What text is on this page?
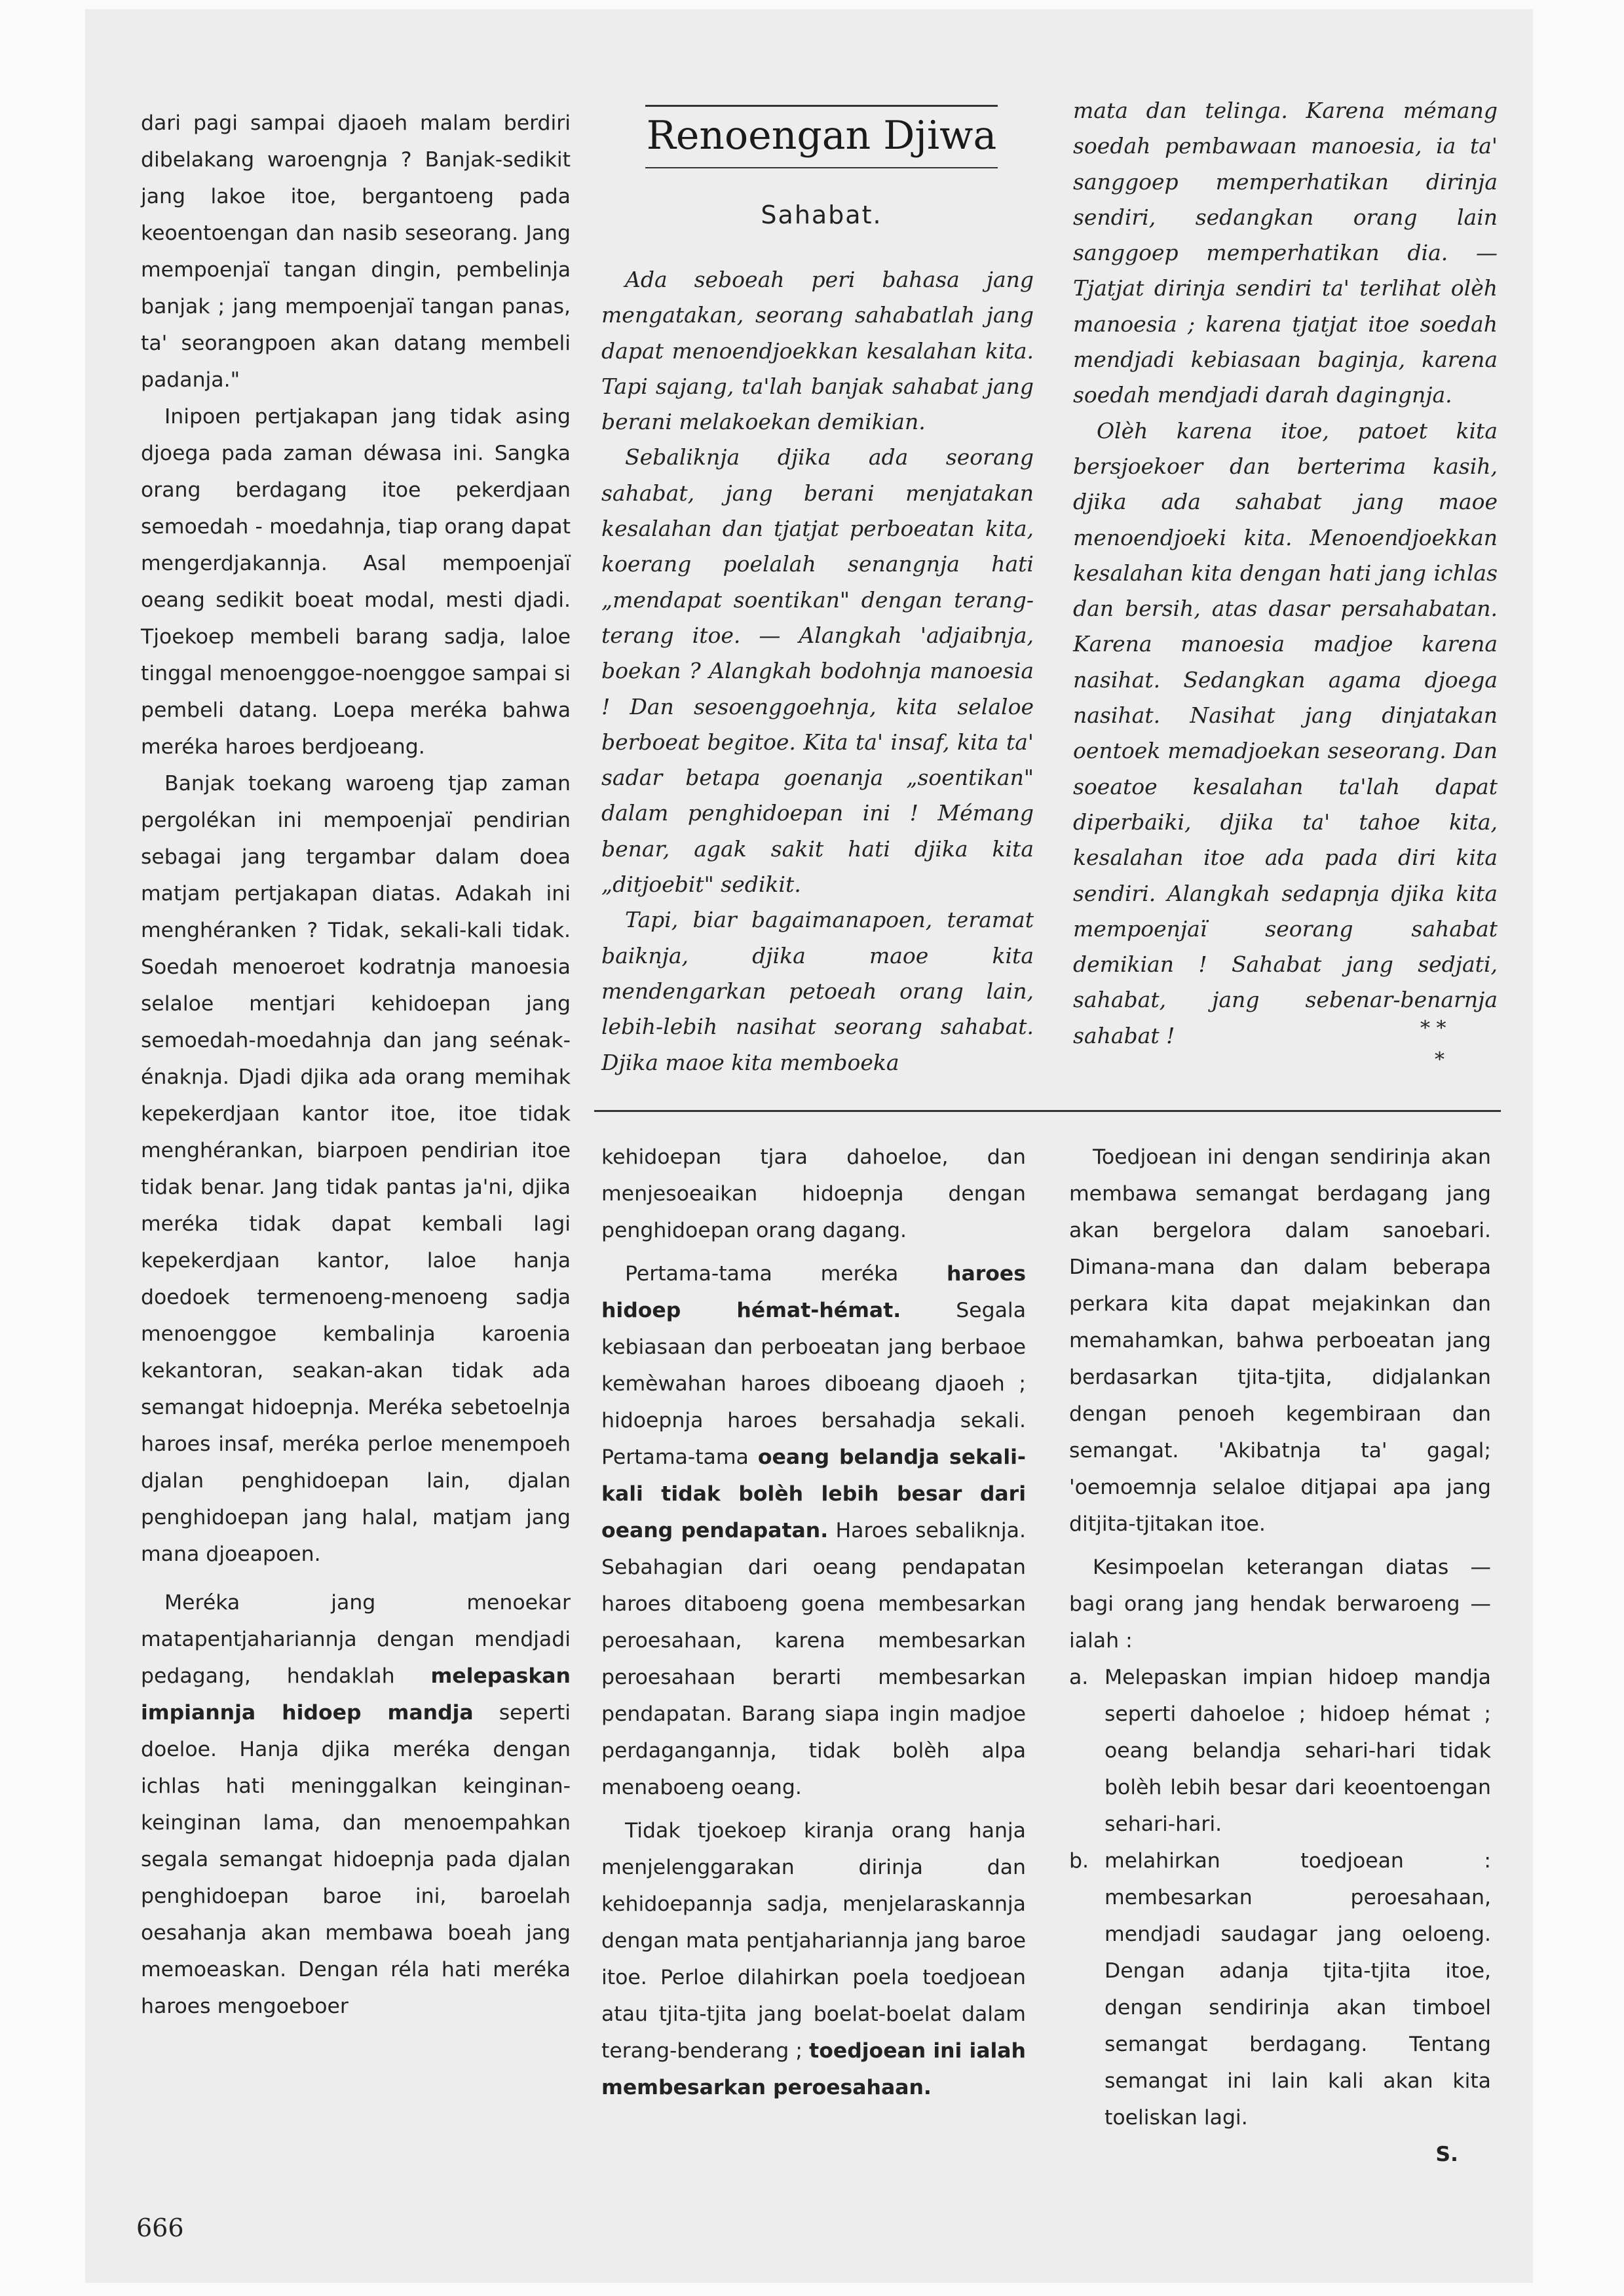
dari pagi sampai djaoeh malam berdiri dibelakang waroengnja ? Banjak-sedikit jang lakoe itoe, bergantoeng pada keoentoengan dan nasib seseorang. Jang mempoenjaï tangan dingin, pembelinja banjak ; jang mempoenjaï tangan panas, ta' seorangpoen akan datang membeli padanja."

Inipoen pertjakapan jang tidak asing djoega pada zaman déwasa ini. Sangka orang berdagang itoe pekerdjaan semoedah - moedahnja, tiap orang dapat mengerdjakannja. Asal mempoenjaï oeang sedikit boeat modal, mesti djadi. Tjoekoep membeli barang sadja, laloe tinggal menoenggoe-noenggoe sampai si pembeli datang. Loepa meréka bahwa meréka haroes berdjoeang.

Banjak toekang waroeng tjap zaman pergolékan ini mempoenjaï pendirian sebagai jang tergambar dalam doea matjam pertjakapan diatas. Adakah ini menghéranken ? Tidak, sekali-kali tidak. Soedah menoeroet kodratnja manoesia selaloe mentjari kehidoepan jang semoedah-moedahnja dan jang seénak-énaknja. Djadi djika ada orang memihak kepekerdjaan kantor itoe, itoe tidak menghérankan, biarpoen pendirian itoe tidak benar. Jang tidak pantas ja'ni, djika meréka tidak dapat kembali lagi kepekerdjaan kantor, laloe hanja doedoek termenoeng-menoeng sadja menoenggoe kembalinja karoenia kekantoran, seakan-akan tidak ada semangat hidoepnja. Meréka sebetoelnja haroes insaf, meréka perloe menempoeh djalan penghidoepan lain, djalan penghidoepan jang halal, matjam jang mana djoeapoen.

Meréka jang menoekar matapentjahariannja dengan mendjadi pedagang, hendaklah melepaskan impiannja hidoep mandja seperti doeloe. Hanja djika meréka dengan ichlas hati meninggalkan keinginan-keinginan lama, dan menoempahkan segala semangat hidoepnja pada djalan penghidoepan baroe ini, baroelah oesahanja akan membawa boeah jang memoeaskan. Dengan réla hati meréka haroes mengoeboer

Renoengan Djiwa
Sahabat.

Ada seboeah peri bahasa jang mengatakan, seorang sahabatlah jang dapat menoendjoekkan kesalahan kita. Tapi sajang, ta'lah banjak sahabat jang berani melakoekan demikian.

Sebaliknja djika ada seorang sahabat, jang berani menjatakan kesalahan dan tjatjat perboeatan kita, koerang poelalah senangnja hati „mendapat soentikan" dengan terang-terang itoe. — Alangkah 'adjaibnja, boekan ? Alangkah bodohnja manoesia ! Dan sesoenggoehnja, kita selaloe berboeat begitoe. Kita ta' insaf, kita ta' sadar betapa goenanja „soentikan" dalam penghidoepan ini ! Mémang benar, agak sakit hati djika kita „ditjoebit" sedikit.

Tapi, biar bagaimanapoen, teramat baiknja, djika maoe kita mendengarkan petoeah orang lain, lebih-lebih nasihat seorang sahabat. Djika maoe kita memboeka

mata dan telinga. Karena mémang soedah pembawaan manoesia, ia ta' sanggoep memperhatikan dirinja sendiri, sedangkan orang lain sanggoep memperhatikan dia. — Tjatjat dirinja sendiri ta' terlihat olèh manoesia ; karena tjatjat itoe soedah mendjadi kebiasaan baginja, karena soedah mendjadi darah dagingnja.

Olèh karena itoe, patoet kita bersjoekoer dan berterima kasih, djika ada sahabat jang maoe menoendjoeki kita. Menoendjoekkan kesalahan kita dengan hati jang ichlas dan bersih, atas dasar persahabatan. Karena manoesia madjoe karena nasihat. Sedangkan agama djoega nasihat. Nasihat jang dinjatakan oentoek memadjoekan seseorang. Dan soeatoe kesalahan ta'lah dapat diperbaiki, djika ta' tahoe kita, kesalahan itoe ada pada diri kita sendiri. Alangkah sedapnja djika kita mempoenjaï seorang sahabat demikian ! Sahabat jang sedjati, sahabat, jang sebenar-benarnja sahabat !	* *
*

kehidoepan tjara dahoeloe, dan menjesoeaikan hidoepnja dengan penghidoepan orang dagang.

Pertama-tama meréka haroes hidoep hémat-hémat. Segala kebiasaan dan perboeatan jang berbaoe kemèwahan haroes diboeang djaoeh ; hidoepnja haroes bersahadja sekali. Pertama-tama oeang belandja sekali-kali tidak bolèh lebih besar dari oeang pendapatan. Haroes sebaliknja. Sebahagian dari oeang pendapatan haroes ditaboeng goena membesarkan peroesahaan, karena membesarkan peroesahaan berarti membesarkan pendapatan. Barang siapa ingin madjoe perdagangannja, tidak bolèh alpa menaboeng oeang.

Tidak tjoekoep kiranja orang hanja menjelenggarakan dirinja dan kehidoepannja sadja, menjelaraskannja dengan mata pentjahariannja jang baroe itoe. Perloe dilahirkan poela toedjoean atau tjita-tjita jang boelat-boelat dalam terang-benderang ; toedjoean ini ialah membesarkan peroesahaan.

Toedjoean ini dengan sendirinja akan membawa semangat berdagang jang akan bergelora dalam sanoebari. Dimana-mana dan dalam beberapa perkara kita dapat mejakinkan dan memahamkan, bahwa perboeatan jang berdasarkan tjita-tjita, didjalankan dengan penoeh kegembiraan dan semangat. 'Akibatnja ta' gagal; 'oemoemnja selaloe ditjapai apa jang ditjita-tjitakan itoe.

Kesimpoelan keterangan diatas — bagi orang jang hendak berwaroeng — ialah :

a. Melepaskan impian hidoep mandja seperti dahoeloe ; hidoep hémat ; oeang belandja sehari-hari tidak bolèh lebih besar dari keoentoengan sehari-hari.
b. melahirkan toedjoean : membesarkan peroesahaan, mendjadi saudagar jang oeloeng. Dengan adanja tjita-tjita itoe, dengan sendirinja akan timboel semangat berdagang. Tentang semangat ini lain kali akan kita toeliskan lagi.

S.

666
